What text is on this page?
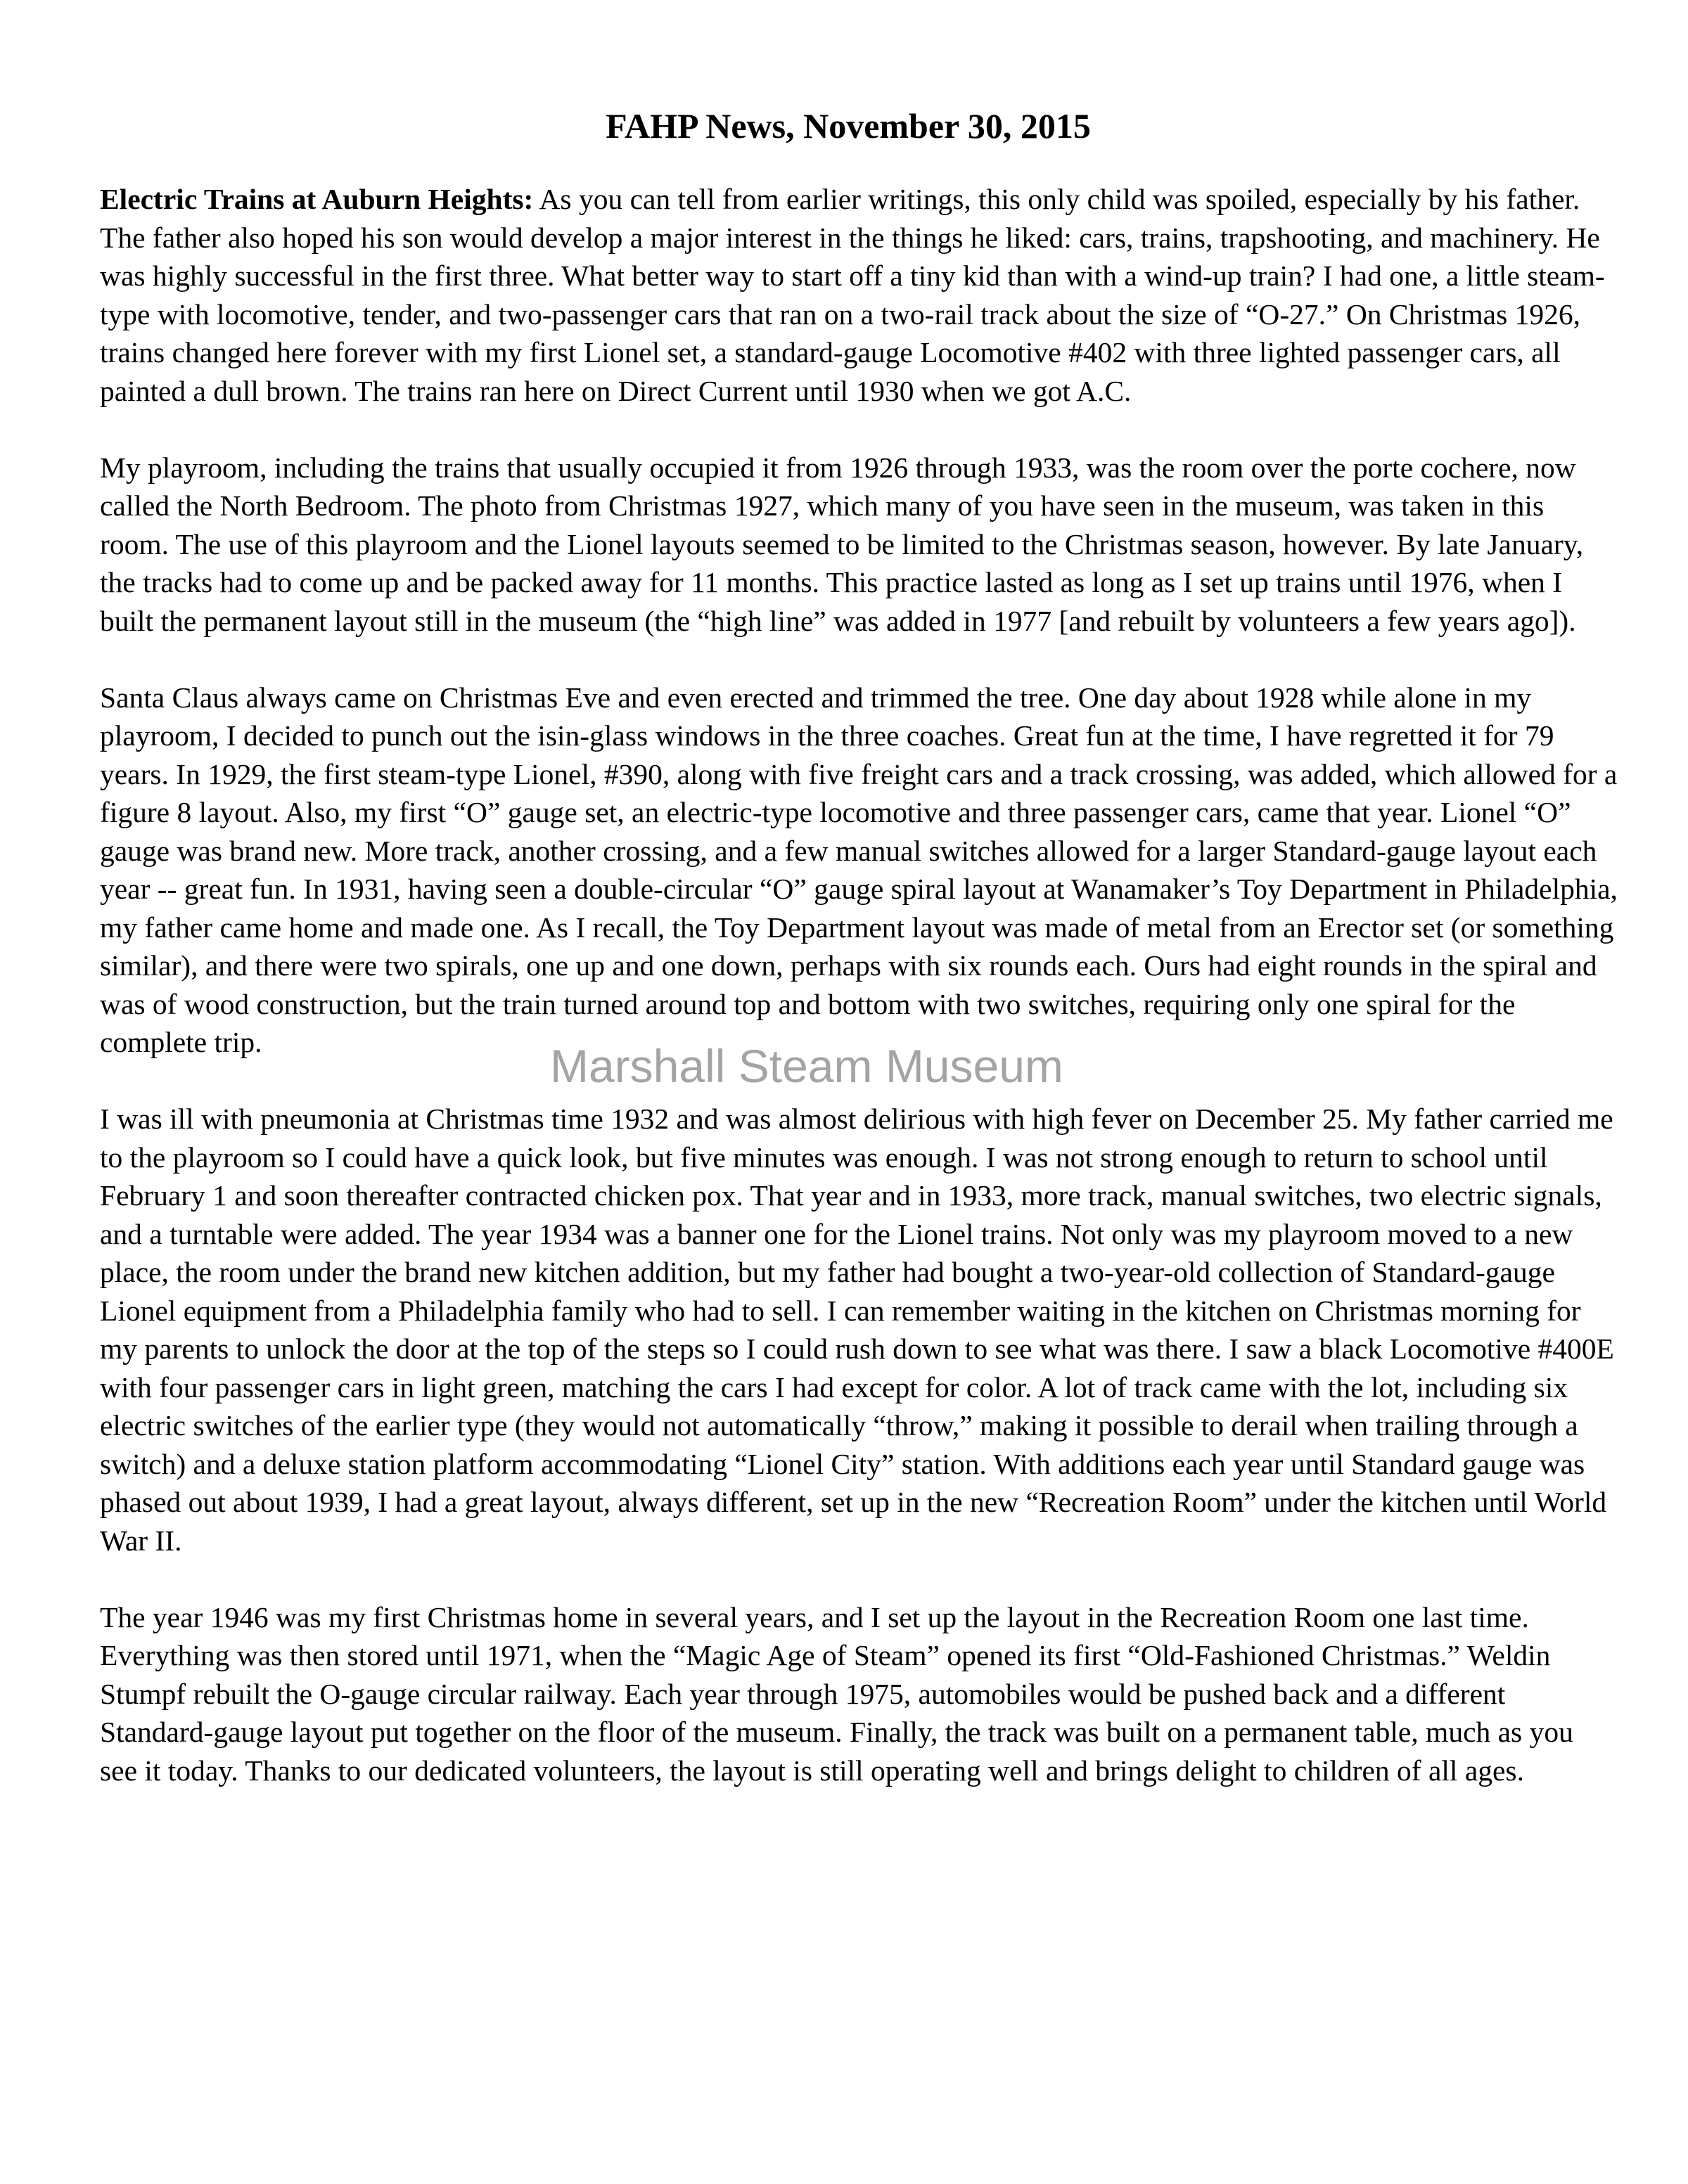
FAHP News, November 30, 2015

Electric Trains at Auburn Heights: As you can tell from earlier writings, this only child was spoiled, especially by his father. The father also hoped his son would develop a major interest in the things he liked: cars, trains, trapshooting, and machinery. He was highly successful in the first three. What better way to start off a tiny kid than with a wind-up train? I had one, a little steam-type with locomotive, tender, and two-passenger cars that ran on a two-rail track about the size of “O-27.” On Christmas 1926, trains changed here forever with my first Lionel set, a standard-gauge Locomotive #402 with three lighted passenger cars, all painted a dull brown. The trains ran here on Direct Current until 1930 when we got A.C.

My playroom, including the trains that usually occupied it from 1926 through 1933, was the room over the porte cochere, now called the North Bedroom. The photo from Christmas 1927, which many of you have seen in the museum, was taken in this room. The use of this playroom and the Lionel layouts seemed to be limited to the Christmas season, however. By late January, the tracks had to come up and be packed away for 11 months. This practice lasted as long as I set up trains until 1976, when I built the permanent layout still in the museum (the “high line” was added in 1977 [and rebuilt by volunteers a few years ago]).

Santa Claus always came on Christmas Eve and even erected and trimmed the tree. One day about 1928 while alone in my playroom, I decided to punch out the isin-glass windows in the three coaches. Great fun at the time, I have regretted it for 79 years. In 1929, the first steam-type Lionel, #390, along with five freight cars and a track crossing, was added, which allowed for a figure 8 layout. Also, my first “O” gauge set, an electric-type locomotive and three passenger cars, came that year. Lionel “O” gauge was brand new. More track, another crossing, and a few manual switches allowed for a larger Standard-gauge layout each year -- great fun. In 1931, having seen a double-circular “O” gauge spiral layout at Wanamaker’s Toy Department in Philadelphia, my father came home and made one. As I recall, the Toy Department layout was made of metal from an Erector set (or something similar), and there were two spirals, one up and one down, perhaps with six rounds each. Ours had eight rounds in the spiral and was of wood construction, but the train turned around top and bottom with two switches, requiring only one spiral for the complete trip.

I was ill with pneumonia at Christmas time 1932 and was almost delirious with high fever on December 25. My father carried me to the playroom so I could have a quick look, but five minutes was enough. I was not strong enough to return to school until February 1 and soon thereafter contracted chicken pox. That year and in 1933, more track, manual switches, two electric signals, and a turntable were added. The year 1934 was a banner one for the Lionel trains. Not only was my playroom moved to a new place, the room under the brand new kitchen addition, but my father had bought a two-year-old collection of Standard-gauge Lionel equipment from a Philadelphia family who had to sell. I can remember waiting in the kitchen on Christmas morning for my parents to unlock the door at the top of the steps so I could rush down to see what was there. I saw a black Locomotive #400E with four passenger cars in light green, matching the cars I had except for color. A lot of track came with the lot, including six electric switches of the earlier type (they would not automatically “throw,” making it possible to derail when trailing through a switch) and a deluxe station platform accommodating “Lionel City” station. With additions each year until Standard gauge was phased out about 1939, I had a great layout, always different, set up in the new “Recreation Room” under the kitchen until World War II.

The year 1946 was my first Christmas home in several years, and I set up the layout in the Recreation Room one last time. Everything was then stored until 1971, when the “Magic Age of Steam” opened its first “Old-Fashioned Christmas.” Weldin Stumpf rebuilt the O-gauge circular railway. Each year through 1975, automobiles would be pushed back and a different Standard-gauge layout put together on the floor of the museum. Finally, the track was built on a permanent table, much as you see it today. Thanks to our dedicated volunteers, the layout is still operating well and brings delight to children of all ages.

Marshall Steam Museum
